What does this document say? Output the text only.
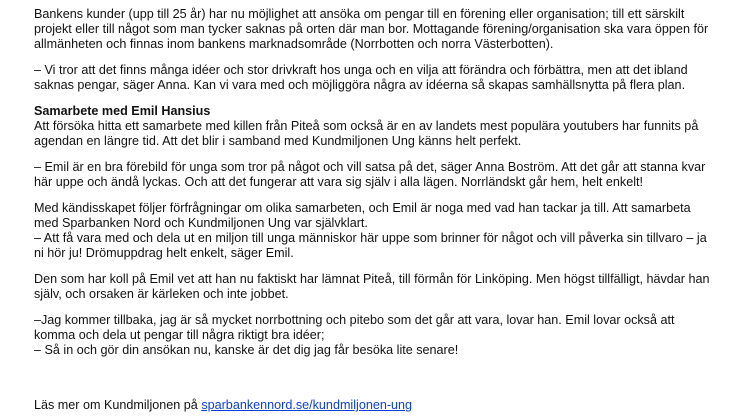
Bankens kunder (upp till 25 år) har nu möjlighet att ansöka om pengar till en förening eller organisation; till ett särskilt
projekt eller till något som man tycker saknas på orten där man bor. Mottagande förening/organisation ska vara öppen för
allmänheten och finnas inom bankens marknadsområde (Norrbotten och norra Västerbotten).
– Vi tror att det finns många idéer och stor drivkraft hos unga och en vilja att förändra och förbättra, men att det ibland
saknas pengar, säger Anna. Kan vi vara med och möjliggöra några av idéerna så skapas samhällsnytta på flera plan.
Samarbete med Emil Hansius
Att försöka hitta ett samarbete med killen från Piteå som också är en av landets mest populära youtubers har funnits på
agendan en längre tid. Att det blir i samband med Kundmiljonen Ung känns helt perfekt.
– Emil är en bra förebild för unga som tror på något och vill satsa på det, säger Anna Boström. Att det går att stanna kvar
här uppe och ändå lyckas. Och att det fungerar att vara sig själv i alla lägen. Norrländskt går hem, helt enkelt!
Med kändisskapet följer förfrågningar om olika samarbeten, och Emil är noga med vad han tackar ja till. Att samarbeta
med Sparbanken Nord och Kundmiljonen Ung var självklart.
– Att få vara med och dela ut en miljon till unga människor här uppe som brinner för något och vill påverka sin tillvaro – ja
ni hör ju! Drömuppdrag helt enkelt, säger Emil.
Den som har koll på Emil vet att han nu faktiskt har lämnat Piteå, till förmån för Linköping. Men högst tillfälligt, hävdar han
själv, och orsaken är kärleken och inte jobbet.
–Jag kommer tillbaka, jag är så mycket norrbottning och pitebo som det går att vara, lovar han. Emil lovar också att
komma och dela ut pengar till några riktigt bra idéer;
– Så in och gör din ansökan nu, kanske är det dig jag får besöka lite senare!
Läs mer om Kundmiljonen på sparbankennord.se/kundmiljonen-ung
